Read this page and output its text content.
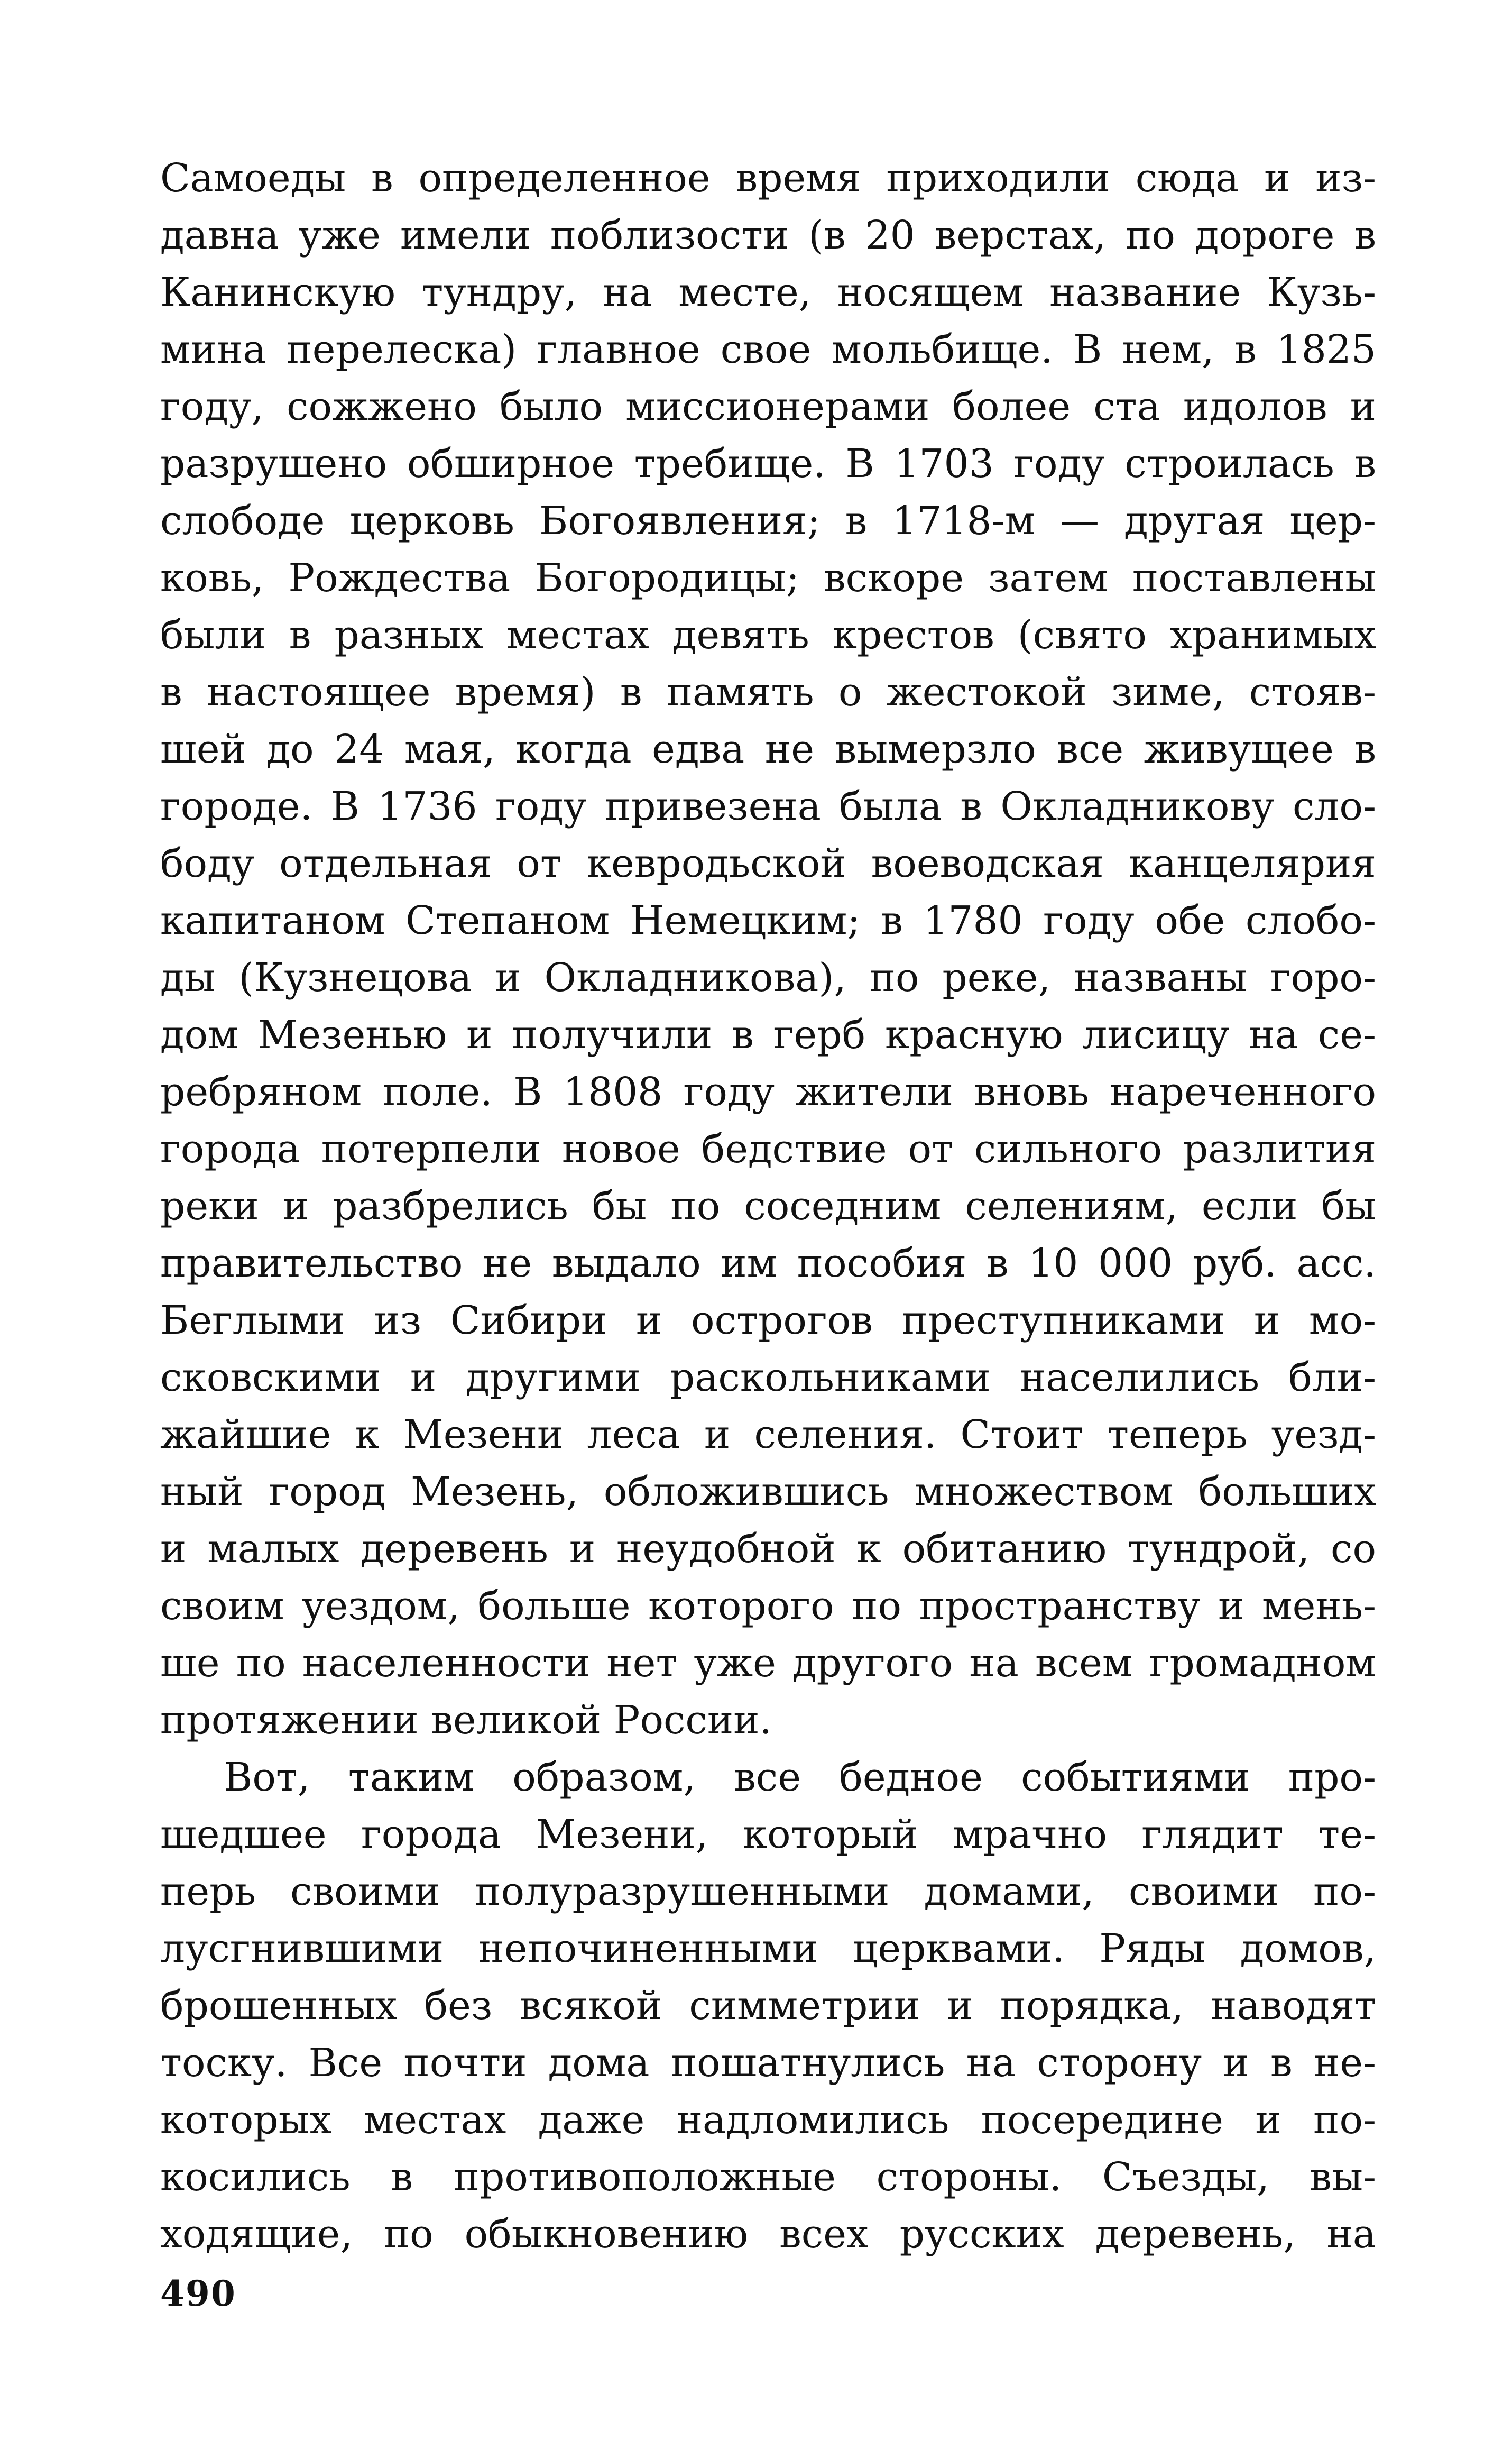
Самоеды в определенное время приходили сюда и из-
давна уже имели поблизости (в 20 верстах, по дороге в
Канинскую тундру, на месте, носящем название Кузь-
мина перелеска) главное свое мольбище. В нем, в 1825
году, сожжено было миссионерами более ста идолов и
разрушено обширное требище. В 1703 году строилась в
слободе церковь Богоявления; в 1718-м — другая цер-
ковь, Рождества Богородицы; вскоре затем поставлены
были в разных местах девять крестов (свято хранимых
в настоящее время) в память о жестокой зиме, стояв-
шей до 24 мая, когда едва не вымерзло все живущее в
городе. В 1736 году привезена была в Окладникову сло-
боду отдельная от кевродьской воеводская канцелярия
капитаном Степаном Немецким; в 1780 году обе слобо-
ды (Кузнецова и Окладникова), по реке, названы горо-
дом Мезенью и получили в герб красную лисицу на се-
ребряном поле. В 1808 году жители вновь нареченного
города потерпели новое бедствие от сильного разлития
реки и разбрелись бы по соседним селениям, если бы
правительство не выдало им пособия в 10 000 руб. асс.
Беглыми из Сибири и острогов преступниками и мо-
сковскими и другими раскольниками населились бли-
жайшие к Мезени леса и селения. Стоит теперь уезд-
ный город Мезень, обложившись множеством больших
и малых деревень и неудобной к обитанию тундрой, со
своим уездом, больше которого по пространству и мень-
ше по населенности нет уже другого на всем громадном
протяжении великой России.
Вот, таким образом, все бедное событиями про-
шедшее города Мезени, который мрачно глядит те-
перь своими полуразрушенными домами, своими по-
лусгнившими непочиненными церквами. Ряды домов,
брошенных без всякой симметрии и порядка, наводят
тоску. Все почти дома пошатнулись на сторону и в не-
которых местах даже надломились посередине и по-
косились в противоположные стороны. Съезды, вы-
ходящие, по обыкновению всех русских деревень, на
490
